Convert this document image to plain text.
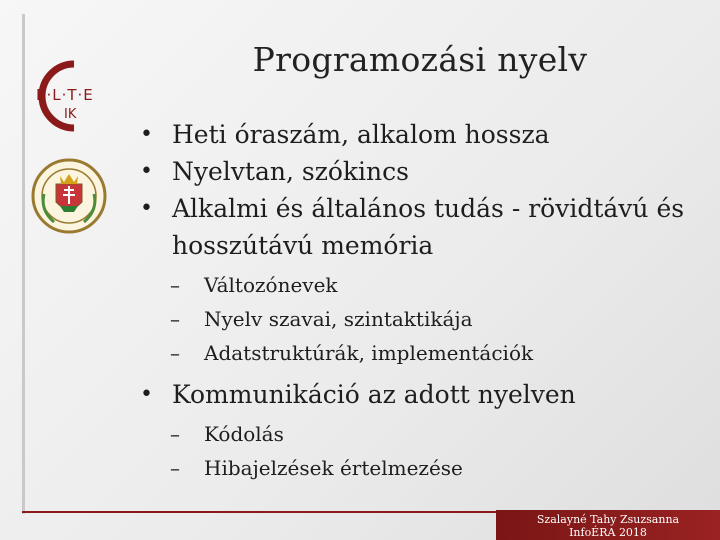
E·L·T·E
IK
Programozási nyelv
• Heti óraszám, alkalom hossza
• Nyelvtan, szókincs
• Alkalmi és általános tudás - rövidtávú és hosszútávú memória
– Változónevek
– Nyelv szavai, szintaktikája
– Adatstruktúrák, implementációk
• Kommunikáció az adott nyelven
– Kódolás
– Hibajelzések értelmezése
Szalayné Tahy Zsuzsanna
InfoÉRA 2018
